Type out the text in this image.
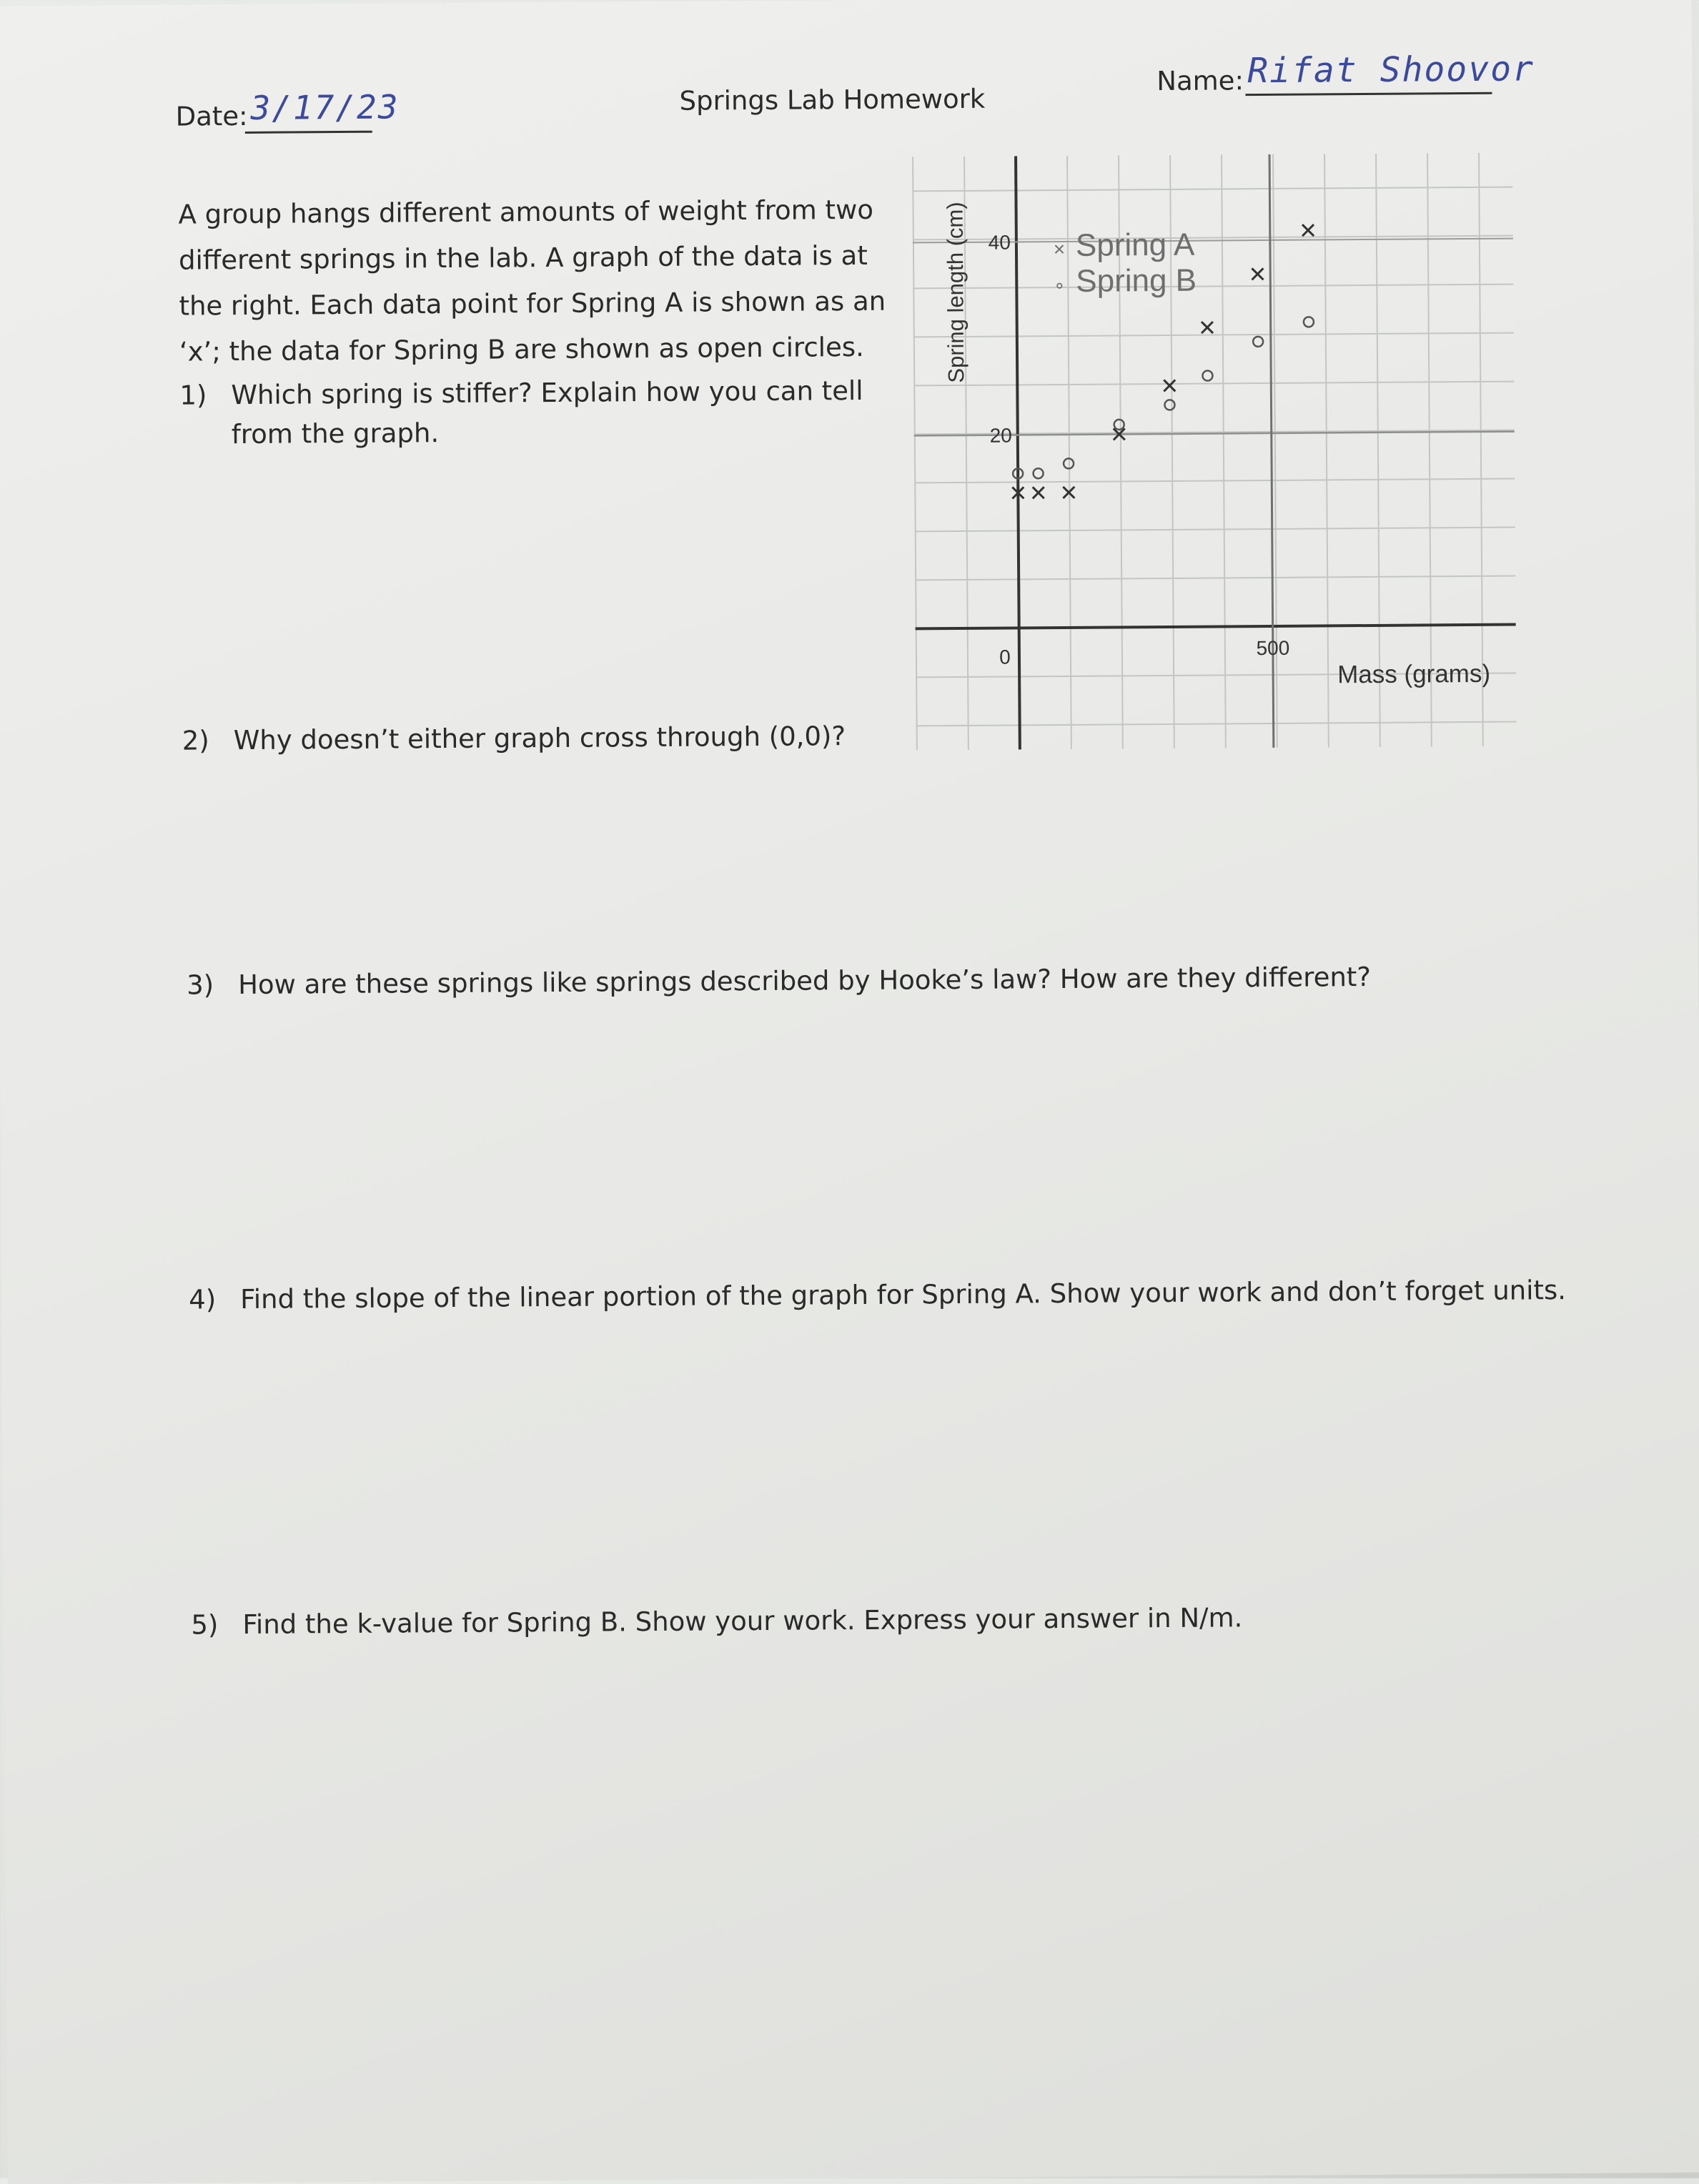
Date: 3/17/23	Springs Lab Homework
Name: Rifat Shoovor
A group hangs different amounts of weight from two different springs in the lab. A graph of the data is at the right. Each data point for Spring A is shown as an ‘x’; the data for Spring B are shown as open circles.
1) Which spring is stiffer? Explain how you can tell
from the graph.
2) Why doesn’t either graph cross through (0,0)?
3) How are these springs like springs described by Hooke’s law? How are they different?
4) Find the slope of the linear portion of the graph for Spring A. Show your work and don’t forget units.
5) Find the k-value for Spring B. Show your work. Express your answer in N/m.
0	500
20
40
Spring length (cm)
Mass (grams)
× Spring A
∘ Spring B
